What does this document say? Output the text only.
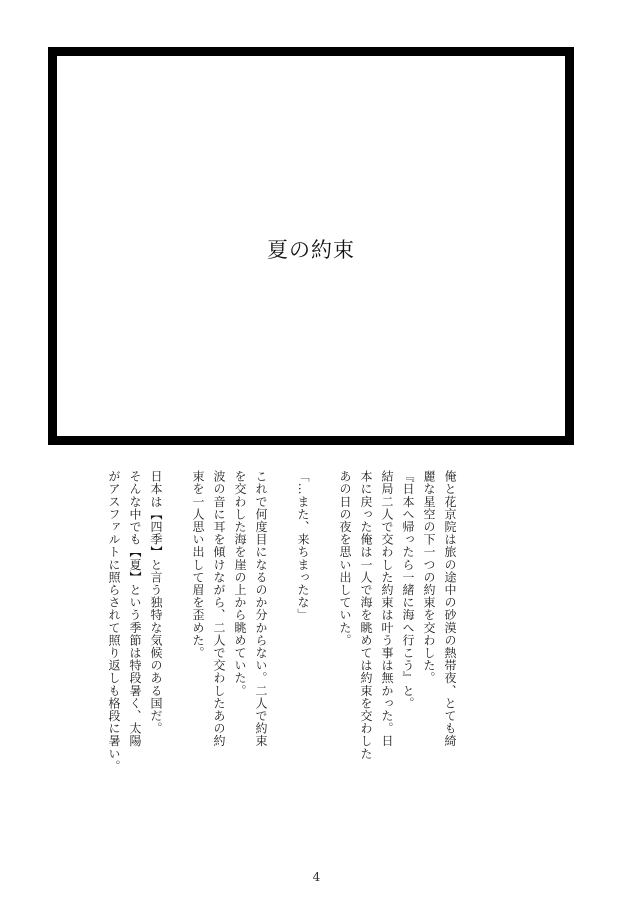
夏の約束

俺と花京院は旅の途中の砂漠の熱帯夜、とても綺

麗な星空の下一つの約束を交わした。

『日本へ帰ったら一緒に海へ行こう』と。

結局二人で交わした約束は叶う事は無かった。日

本に戻った俺は一人で海を眺めては約束を交わした

あの日の夜を思い出していた。

「…また、来ちまったな」

これで何度目になるのか分からない。二人で約束

を交わした海を崖の上から眺めていた。

波の音に耳を傾けながら、二人で交わしたあの約

束を一人思い出して眉を歪めた。

日本は【四季】と言う独特な気候のある国だ。

そんな中でも【夏】という季節は特段暑く、太陽

がアスファルトに照らされて照り返しも格段に暑い。

4
